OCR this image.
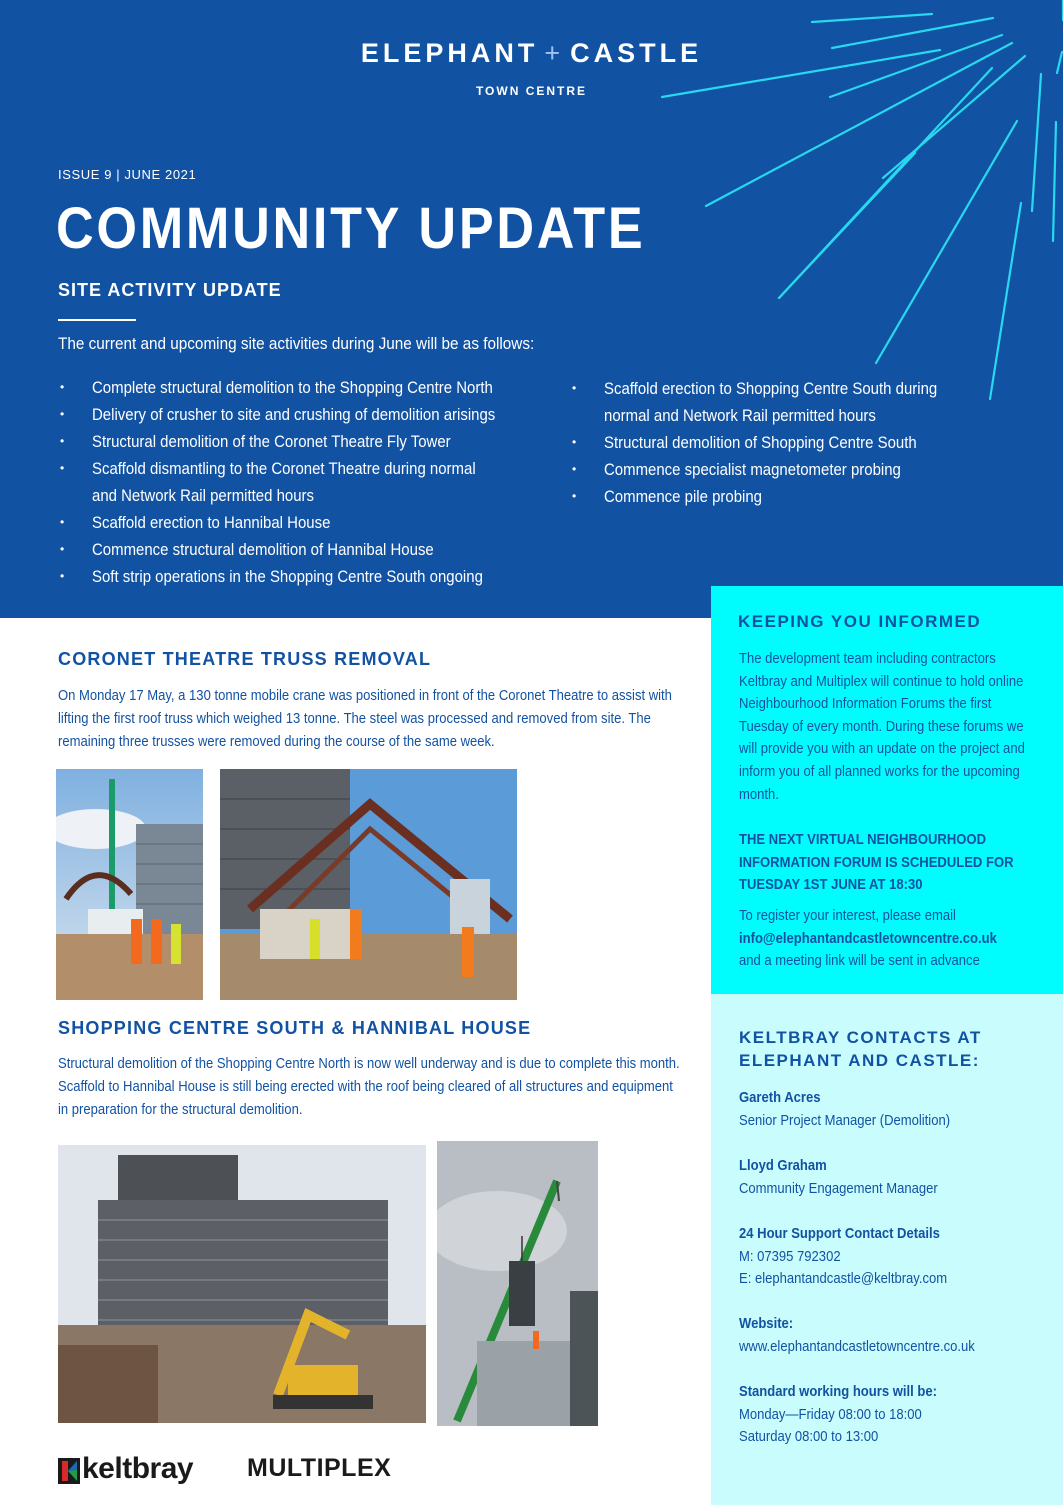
ELEPHANT + CASTLE
TOWN CENTRE
ISSUE 9 | JUNE 2021
COMMUNITY UPDATE
SITE ACTIVITY UPDATE

The current and upcoming site activities during June will be as follows:

• Complete structural demolition to the Shopping Centre North
• Delivery of crusher to site and crushing of demolition arisings
• Structural demolition of the Coronet Theatre Fly Tower
• Scaffold dismantling to the Coronet Theatre during normal
and Network Rail permitted hours
• Scaffold erection to Hannibal House
• Commence structural demolition of Hannibal House
• Soft strip operations in the Shopping Centre South ongoing
• Scaffold erection to Shopping Centre South during
normal and Network Rail permitted hours
• Structural demolition of Shopping Centre South
• Commence specialist magnetometer probing
• Commence pile probing
CORONET THEATRE TRUSS REMOVAL
On Monday 17 May, a 130 tonne mobile crane was positioned in front of the Coronet Theatre to assist with
lifting the first roof truss which weighed 13 tonne. The steel was processed and removed from site. The
remaining three trusses were removed during the course of the same week.
SHOPPING CENTRE SOUTH & HANNIBAL HOUSE
Structural demolition of the Shopping Centre North is now well underway and is due to complete this month.
Scaffold to Hannibal House is still being erected with the roof being cleared of all structures and equipment
in preparation for the structural demolition.
keltbray MULTIPLEX
KEEPING YOU INFORMED
The development team including contractors
Keltbray and Multiplex will continue to hold online
Neighbourhood Information Forums the first
Tuesday of every month. During these forums we
will provide you with an update on the project and
inform you of all planned works for the upcoming
month.
THE NEXT VIRTUAL NEIGHBOURHOOD
INFORMATION FORUM IS SCHEDULED FOR
TUESDAY 1ST JUNE AT 18:30
To register your interest, please email
info@elephantandcastletowncentre.co.uk
and a meeting link will be sent in advance
KELTBRAY CONTACTS AT
ELEPHANT AND CASTLE:
Gareth Acres
Senior Project Manager (Demolition)
Lloyd Graham
Community Engagement Manager
24 Hour Support Contact Details
M: 07395 792302
E: elephantandcastle@keltbray.com
Website:
www.elephantandcastletowncentre.co.uk
Standard working hours will be:
Monday—Friday 08:00 to 18:00
Saturday 08:00 to 13:00
